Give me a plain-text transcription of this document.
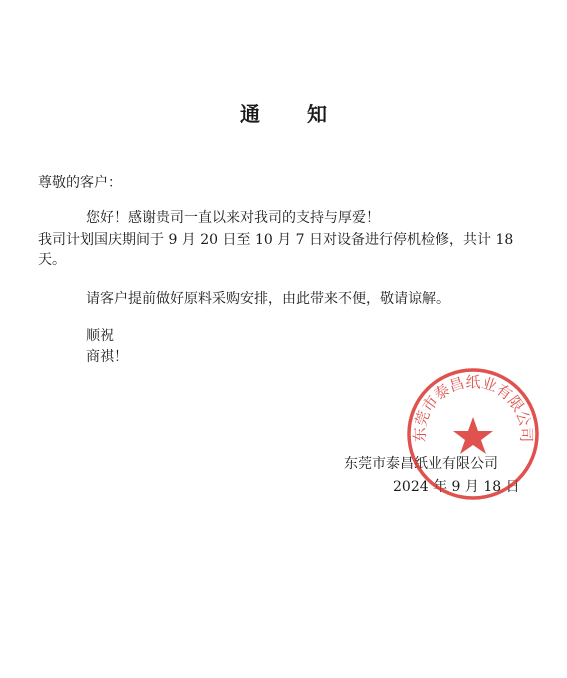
通 知
尊敬的客户：
您好！感谢贵司一直以来对我司的支持与厚爱！
我司计划国庆期间于 9 月 20 日至 10 月 7 日对设备进行停机检修，共计 18 天。
请客户提前做好原料采购安排，由此带来不便，敬请谅解。
顺祝
商祺！
东莞市泰昌纸业有限公司
2024 年 9 月 18 日
东莞市泰昌纸业有限公司
